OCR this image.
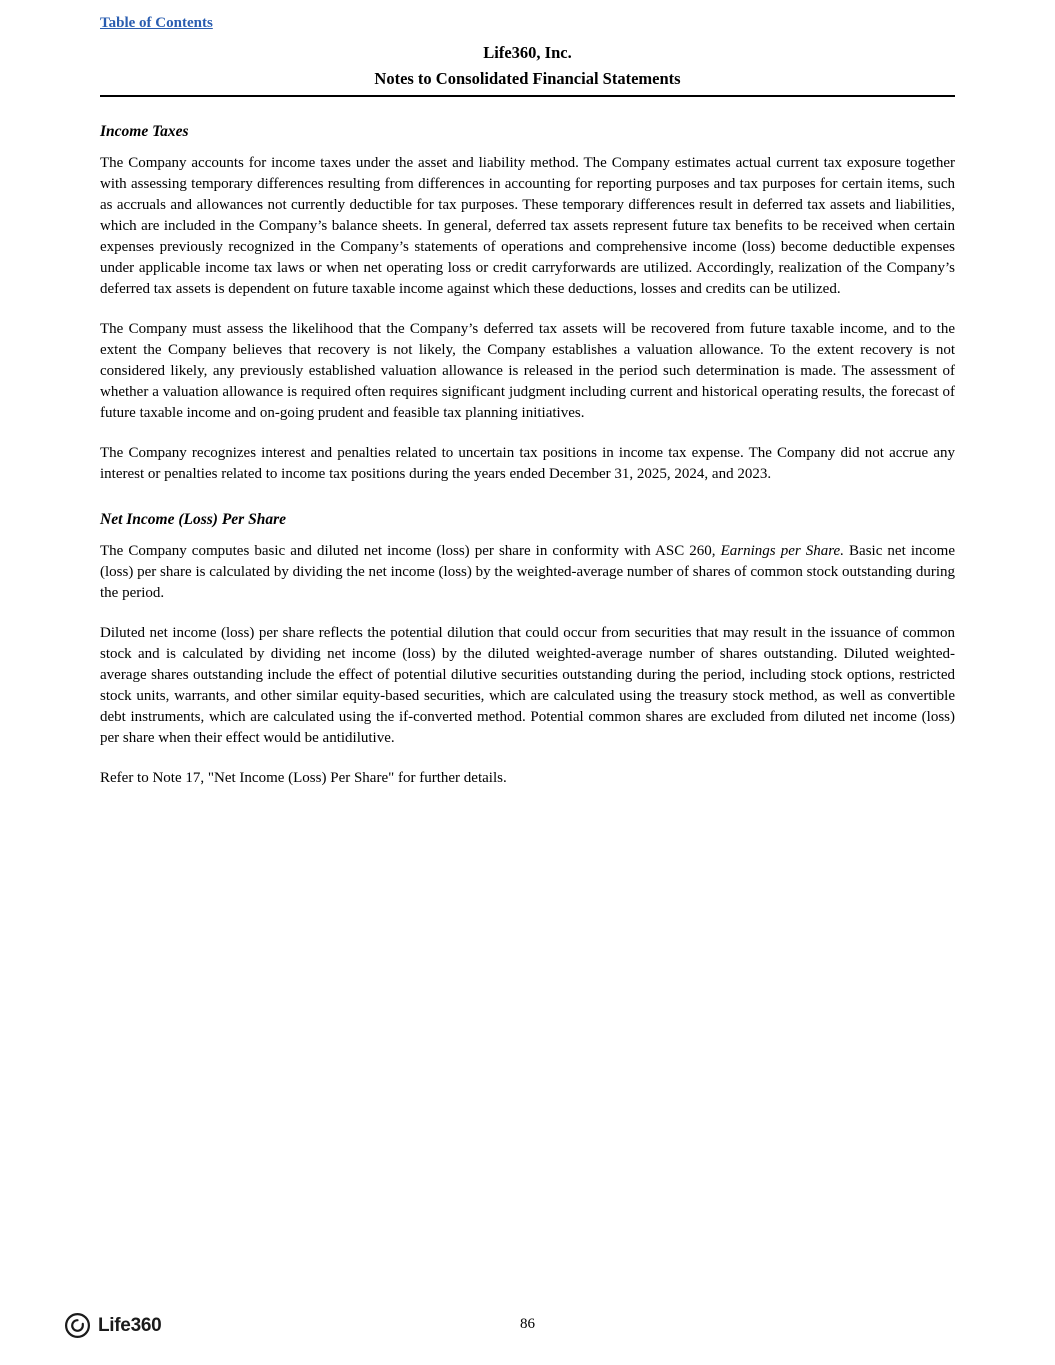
Table of Contents
Life360, Inc.
Notes to Consolidated Financial Statements
Income Taxes

The Company accounts for income taxes under the asset and liability method. The Company estimates actual current tax exposure together with assessing temporary differences resulting from differences in accounting for reporting purposes and tax purposes for certain items, such as accruals and allowances not currently deductible for tax purposes. These temporary differences result in deferred tax assets and liabilities, which are included in the Company’s balance sheets. In general, deferred tax assets represent future tax benefits to be received when certain expenses previously recognized in the Company’s statements of operations and comprehensive income (loss) become deductible expenses under applicable income tax laws or when net operating loss or credit carryforwards are utilized. Accordingly, realization of the Company’s deferred tax assets is dependent on future taxable income against which these deductions, losses and credits can be utilized.

The Company must assess the likelihood that the Company’s deferred tax assets will be recovered from future taxable income, and to the extent the Company believes that recovery is not likely, the Company establishes a valuation allowance. To the extent recovery is not considered likely, any previously established valuation allowance is released in the period such determination is made. The assessment of whether a valuation allowance is required often requires significant judgment including current and historical operating results, the forecast of future taxable income and on-going prudent and feasible tax planning initiatives.

The Company recognizes interest and penalties related to uncertain tax positions in income tax expense. The Company did not accrue any interest or penalties related to income tax positions during the years ended December 31, 2025, 2024, and 2023.

Net Income (Loss) Per Share

The Company computes basic and diluted net income (loss) per share in conformity with ASC 260, Earnings per Share. Basic net income (loss) per share is calculated by dividing the net income (loss) by the weighted-average number of shares of common stock outstanding during the period.

Diluted net income (loss) per share reflects the potential dilution that could occur from securities that may result in the issuance of common stock and is calculated by dividing net income (loss) by the diluted weighted-average number of shares outstanding. Diluted weighted-average shares outstanding include the effect of potential dilutive securities outstanding during the period, including stock options, restricted stock units, warrants, and other similar equity-based securities, which are calculated using the treasury stock method, as well as convertible debt instruments, which are calculated using the if-converted method. Potential common shares are excluded from diluted net income (loss) per share when their effect would be antidilutive.

Refer to Note 17, "Net Income (Loss) Per Share" for further details.

Life360	86
